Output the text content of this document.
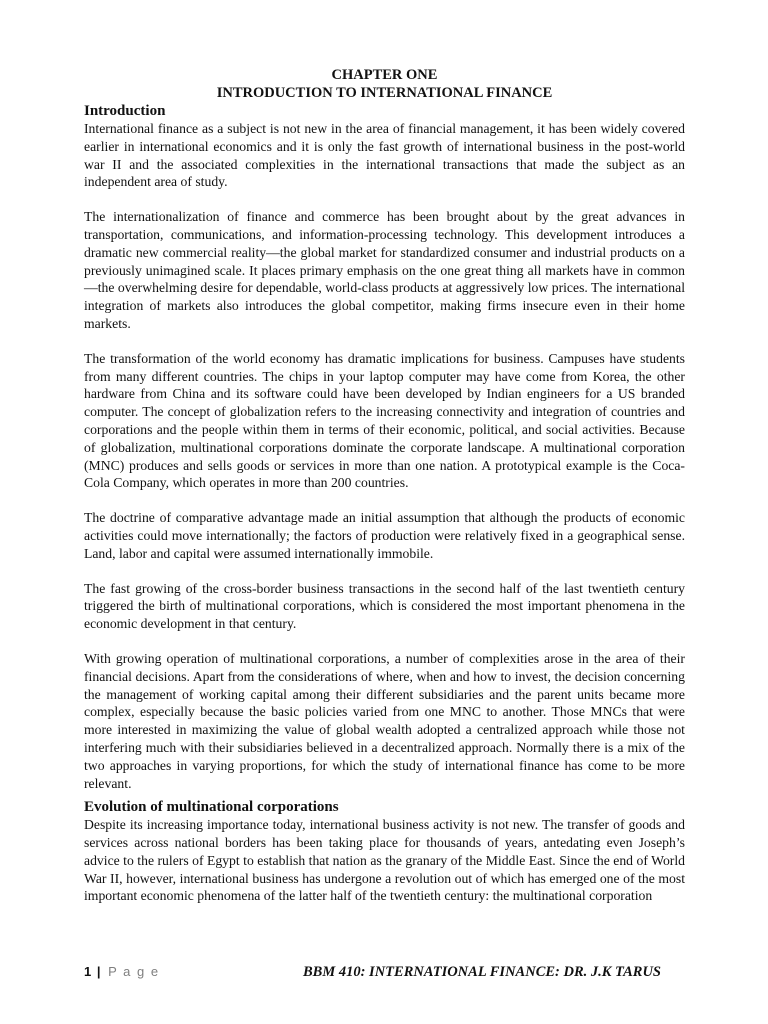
CHAPTER ONE

INTRODUCTION TO INTERNATIONAL FINANCE

Introduction

International finance as a subject is not new in the area of financial management, it has been widely covered earlier in international economics and it is only the fast growth of international business in the post-world war II and the associated complexities in the international transactions that made the subject as an independent area of study.

The internationalization of finance and commerce has been brought about by the great advances in transportation, communications, and information-processing technology. This development introduces a dramatic new commercial reality—the global market for standardized consumer and industrial products on a previously unimagined scale. It places primary emphasis on the one great thing all markets have in common—the overwhelming desire for dependable, world-class products at aggressively low prices. The international integration of markets also introduces the global competitor, making firms insecure even in their home markets.

The transformation of the world economy has dramatic implications for business. Campuses have students from many different countries. The chips in your laptop computer may have come from Korea, the other hardware from China and its software could have been developed by Indian engineers for a US branded computer. The concept of globalization refers to the increasing connectivity and integration of countries and corporations and the people within them in terms of their economic, political, and social activities. Because of globalization, multinational corporations dominate the corporate landscape. A multinational corporation (MNC) produces and sells goods or services in more than one nation. A prototypical example is the Coca-Cola Company, which operates in more than 200 countries.

The doctrine of comparative advantage made an initial assumption that although the products of economic activities could move internationally; the factors of production were relatively fixed in a geographical sense. Land, labor and capital were assumed internationally immobile.

The fast growing of the cross-border business transactions in the second half of the last twentieth century triggered the birth of multinational corporations, which is considered the most important phenomena in the economic development in that century.

With growing operation of multinational corporations, a number of complexities arose in the area of their financial decisions. Apart from the considerations of where, when and how to invest, the decision concerning the management of working capital among their different subsidiaries and the parent units became more complex, especially because the basic policies varied from one MNC to another. Those MNCs that were more interested in maximizing the value of global wealth adopted a centralized approach while those not interfering much with their subsidiaries believed in a decentralized approach. Normally there is a mix of the two approaches in varying proportions, for which the study of international finance has come to be more relevant.

Evolution of multinational corporations

Despite its increasing importance today, international business activity is not new. The transfer of goods and services across national borders has been taking place for thousands of years, antedating even Joseph’s advice to the rulers of Egypt to establish that nation as the granary of the Middle East. Since the end of World War II, however, international business has undergone a revolution out of which has emerged one of the most important economic phenomena of the latter half of the twentieth century: the multinational corporation

1 | P a g e	BBM 410: INTERNATIONAL FINANCE: DR. J.K TARUS
